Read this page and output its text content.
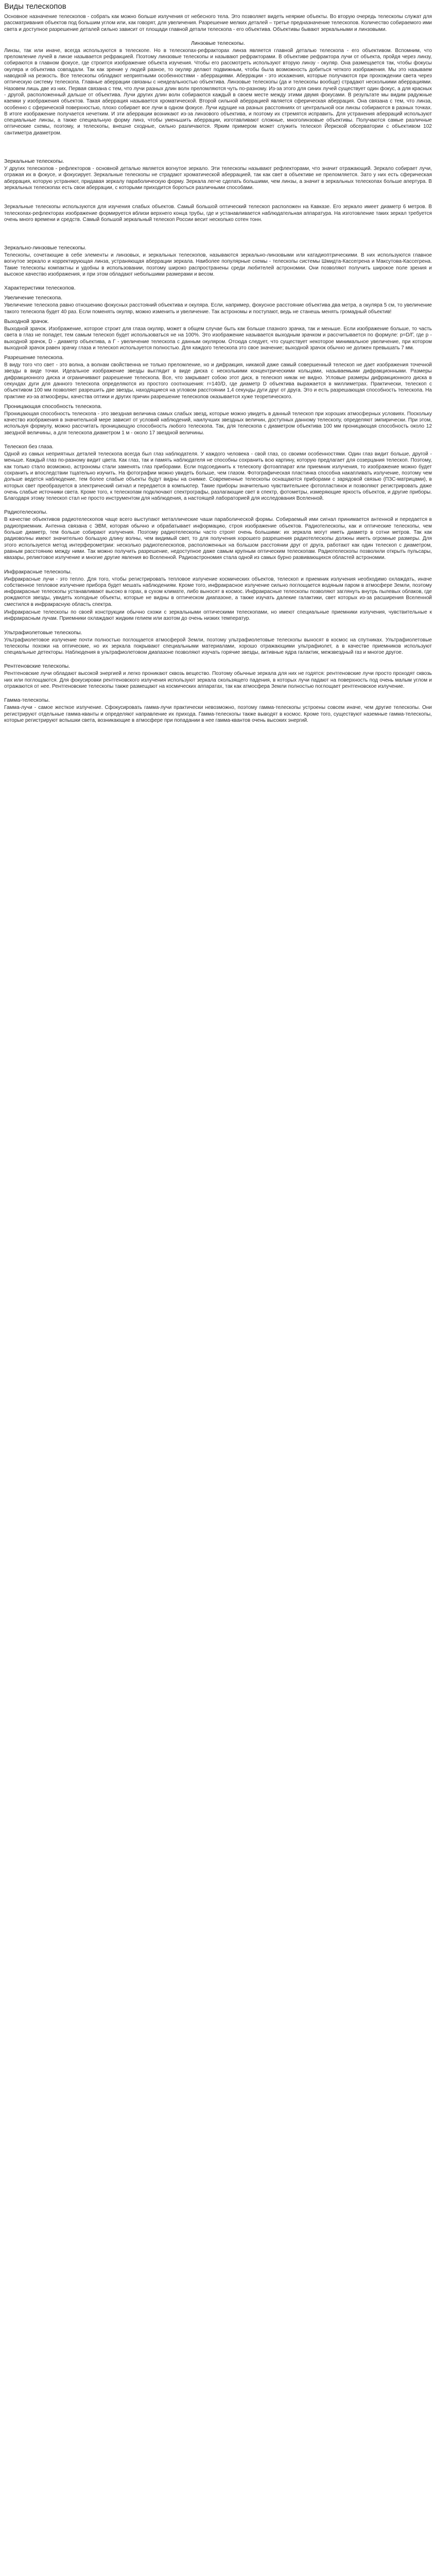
Виды телескопов

Основное назначение телескопов - собрать как можно больше излучения от небесного тела. Это позволяет видеть неяркие объекты. Во вторую очередь телескопы служат для рассматривания объектов под большим углом или, как говорят, для увеличения. Разрешение мелких деталей – третье предназначение телескопов. Количество собираемого ими света и доступное разрешение деталей сильно зависит от площади главной детали телескопа - его объектива. Объективы бывают зеркальными и линзовыми.

Линзовые телескопы.

Линзы, так или иначе, всегда используются в телескопе. Но в телескопах-рефракторах линза является главной деталью телескопа - его объективом. Вспомним, что преломление лучей в линзе называется рефракцией. Поэтому линзовые телескопы и называют рефракторами. В объективе рефрактора лучи от объекта, пройдя через линзу, собираются в главном фокусе, где строится изображение объекта изучения. Чтобы его рассмотреть используют вторую линзу - окуляр. Она размещается так, чтобы фокусы окуляра и объектива совпадали. Так как зрение у людей разное, то окуляр делают подвижным, чтобы была возможность добиться четкого изображения. Мы это называем наводкой на резкость. Все телескопы обладают неприятными особенностями - аберрациями. Аберрации - это искажения, которые получаются при прохождении света через оптическую систему телескопа. Главные аберрации связаны с неидеальностью объектива. Линзовые телескопы (да и телескопы вообще) страдают несколькими аберрациями. Назовем лишь две из них. Первая связана с тем, что лучи разных длин волн преломляются чуть по-разному. Из-за этого для синих лучей существует один фокус, а для красных - другой, расположенный дальше от объектива. Лучи других длин волн собираются каждый в своем месте между этими двумя фокусами. В результате мы видим радужные каемки у изображения объектов. Такая аберрация называется хроматической. Второй сильной аберрацией является сферическая аберрация. Она связана с тем, что линза, особенно с сферической поверхностью, плохо собирает все лучи в одном фокусе. Лучи идущие на разных расстояниях от центральной оси линзы собираются в разных точках. В итоге изображение получается нечетким. И эти аберрации возникают из-за линзового объектива, и поэтому их стремятся исправить. Для устранения аберраций используют специальные линзы, а также специальную форму линз, чтобы уменьшить аберрации, изготавливают сложные, многолинзовые объективы. Получаются самые различные оптические схемы, поэтому, и телескопы, внешне сходные, сильно различаются. Ярким примером может служить телескоп Йеркской обсерватории с объективом 102 сантиметра диаметром.

Зеркальные телескопы.

У других телескопов - рефлекторов - основной деталью является вогнутое зеркало. Эти телескопы называют рефлекторами, что значит отражающий. Зеркало собирает лучи, отражая их в фокусе, и фокусирует. Зеркальные телескопы не страдают хроматической аберрацией, так как свет в объективе не преломляется. Зато у них есть сферическая аберрация, которую устраняют, придавая зеркалу параболическую форму. Зеркала легче сделать большими, чем линзы, а значит в зеркальных телескопах больше апертура. В зеркальных телескопах есть свои аберрации, с которыми приходится бороться различными способами.

Зеркальные телескопы используются для изучения слабых объектов. Самый большой оптический телескоп расположен на Кавказе. Его зеркало имеет диаметр 6 метров. В телескопах-рефлекторах изображение формируется вблизи верхнего конца трубы, где и устанавливается наблюдательная аппаратура. На изготовление таких зеркал требуется очень много времени и средств. Самый большой зеркальный телескоп России весит несколько сотен тонн.

Зеркально-линзовые телескопы.

Телескопы, сочетающие в себе элементы и линзовых, и зеркальных телескопов, называются зеркально-линзовыми или катадиоптрическими. В них используются главное вогнутое зеркало и корректирующая линза, устраняющая аберрации зеркала. Наиболее популярные схемы - телескопы системы Шмидта-Кассегрена и Максутова-Кассегрена. Такие телескопы компактны и удобны в использовании, поэтому широко распространены среди любителей астрономии. Они позволяют получить широкое поле зрения и высокое качество изображения, и при этом обладают небольшими размерами и весом.

Характеристики телескопов.
Увеличение телескопа.

Увеличение телескопа равно отношению фокусных расстояний объектива и окуляра. Если, например, фокусное расстояние объектива два метра, а окуляра 5 см, то увеличение такого телескопа будет 40 раз. Если поменять окуляр, можно изменить и увеличение. Так астрономы и поступают, ведь не станешь менять громадный объектив!

Выходной зрачок.

Выходной зрачок. Изображение, которое строит для глаза окуляр, может в общем случае быть как больше глазного зрачка, так и меньше. Если изображение больше, то часть света в глаз не попадет, тем самым телескоп будет использоваться не на 100%. Это изображение называется выходным зрачком и рассчитывается по формуле: p=D/Г, где p - выходной зрачок, D - диаметр объектива, а Г - увеличение телескопа с данным окуляром. Отсюда следует, что существует некоторое минимальное увеличение, при котором выходной зрачок равен зрачку глаза и телескоп используется полностью. Для каждого телескопа это свое значение; выходной зрачок обычно не должен превышать 7 мм.

Разрешение телескопа.

В виду того что свет - это волна, а волнам свойственна не только преломление, но и дифракция, никакой даже самый совершенный телескоп не дает изображения точечной звезды в виде точки. Идеальное изображение звезды выглядит в виде диска с несколькими концентрическими кольцами, называемыми дифракционными. Размеры дифракционного диска и ограничивают разрешение телескопа. Все, что закрывает собою этот диск, в телескоп никак не видно. Угловые размеры дифракционного диска в секундах дуги для данного телескопа определяются из простого соотношения: r=140/D, где диаметр D объектива выражается в миллиметрах. Практически, телескоп с объективом 100 мм позволяет разрешить две звезды, находящиеся на угловом расстоянии 1,4 секунды дуги друг от друга. Это и есть разрешающая способность телескопа. На практике из-за атмосферы, качества оптики и других причин разрешение телескопов оказывается хуже теоретического.

Проницающая способность телескопа.

Проницающая способность телескопа - это звездная величина самых слабых звезд, которые можно увидеть в данный телескоп при хороших атмосферных условиях. Поскольку качество изображения в значительной мере зависит от условий наблюдений, наилучших звездных величин, доступных данному телескопу, определяют эмпирически. При этом, используя формулу, можно рассчитать проницающую способность любого телескопа. Так, для телескопа с диаметром объектива 100 мм проницающая способность около 12 звездной величины, а для телескопа диаметром 1 м - около 17 звездной величины.

Телескоп без глаза.

Одной из самых неприятных деталей телескопа всегда был глаз наблюдателя. У каждого человека - свой глаз, со своими особенностями. Один глаз видит больше, другой - меньше. Каждый глаз по-разному видит цвета. Как глаз, так и память наблюдателя не способны сохранить всю картину, которую предлагает для созерцания телескоп. Поэтому, как только стало возможно, астрономы стали заменять глаз приборами. Если подсоединить к телескопу фотоаппарат или приемник излучения, то изображение можно будет сохранить и впоследствии тщательно изучить. На фотографии можно увидеть больше, чем глазом. Фотографическая пластинка способна накапливать излучение, поэтому чем дольше ведется наблюдение, тем более слабые объекты будут видны на снимке. Современные телескопы оснащаются приборами с зарядовой связью (ПЗС-матрицами), в которых свет преобразуется в электрический сигнал и передается в компьютер. Такие приборы значительно чувствительнее фотопластинок и позволяют регистрировать даже очень слабые источники света. Кроме того, к телескопам подключают спектрографы, разлагающие свет в спектр, фотометры, измеряющие яркость объектов, и другие приборы. Благодаря этому телескоп стал не просто инструментом для наблюдения, а настоящей лабораторией для исследования Вселенной.

Радиотелескопы.

В качестве объективов радиотелескопов чаще всего выступают металлические чаши параболической формы. Собираемый ими сигнал принимается антенной и передается в радиоприемник. Антенна связана с ЭВМ, которая обычно и обрабатывает информацию, строя изображение объектов. Радиотелескопы, как и оптические телескопы, чем больше диаметр, тем больше собирают излучения. Поэтому радиотелескопы часто строят очень большими: их зеркала могут иметь диаметр в сотни метров. Так как радиоволны имеют значительно большую длину волны, чем видимый свет, то для получения хорошего разрешения радиотелескопы должны иметь огромные размеры. Для этого используется метод интерферометрии: несколько радиотелескопов, расположенных на большом расстоянии друг от друга, работают как один телескоп с диаметром, равным расстоянию между ними. Так можно получить разрешение, недоступное даже самым крупным оптическим телескопам. Радиотелескопы позволили открыть пульсары, квазары, реликтовое излучение и многие другие явления во Вселенной. Радиоастрономия стала одной из самых бурно развивающихся областей астрономии.

Инфракрасные телескопы.

Инфракрасные лучи - это тепло. Для того, чтобы регистрировать тепловое излучение космических объектов, телескоп и приемник излучения необходимо охлаждать, иначе собственное тепловое излучение прибора будет мешать наблюдениям. Кроме того, инфракрасное излучение сильно поглощается водяным паром в атмосфере Земли, поэтому инфракрасные телескопы устанавливают высоко в горах, в сухом климате, либо выносят в космос. Инфракрасные телескопы позволяют заглянуть внутрь пылевых облаков, где рождаются звезды, увидеть холодные объекты, которые не видны в оптическом диапазоне, а также изучать далекие галактики, свет которых из-за расширения Вселенной сместился в инфракрасную область спектра.

Инфракрасные телескопы по своей конструкции обычно схожи с зеркальными оптическими телескопами, но имеют специальные приемники излучения, чувствительные к инфракрасным лучам. Приемники охлаждают жидким гелием или азотом до очень низких температур.

Ультрафиолетовые телескопы.

Ультрафиолетовое излучение почти полностью поглощается атмосферой Земли, поэтому ультрафиолетовые телескопы выносят в космос на спутниках. Ультрафиолетовые телескопы похожи на оптические, но их зеркала покрывают специальными материалами, хорошо отражающими ультрафиолет, а в качестве приемников используют специальные детекторы. Наблюдения в ультрафиолетовом диапазоне позволяют изучать горячие звезды, активные ядра галактик, межзвездный газ и многое другое.

Рентгеновские телескопы.

Рентгеновские лучи обладают высокой энергией и легко проникают сквозь вещество. Поэтому обычные зеркала для них не годятся: рентгеновские лучи просто проходят сквозь них или поглощаются. Для фокусировки рентгеновского излучения используют зеркала скользящего падения, в которых лучи падают на поверхность под очень малым углом и отражаются от нее. Рентгеновские телескопы также размещают на космических аппаратах, так как атмосфера Земли полностью поглощает рентгеновское излучение.

Гамма-телескопы.

Гамма-лучи - самое жесткое излучение. Сфокусировать гамма-лучи практически невозможно, поэтому гамма-телескопы устроены совсем иначе, чем другие телескопы. Они регистрируют отдельные гамма-кванты и определяют направление их прихода. Гамма-телескопы также выводят в космос. Кроме того, существуют наземные гамма-телескопы, которые регистрируют вспышки света, возникающие в атмосфере при попадании в нее гамма-квантов очень высоких энергий.
